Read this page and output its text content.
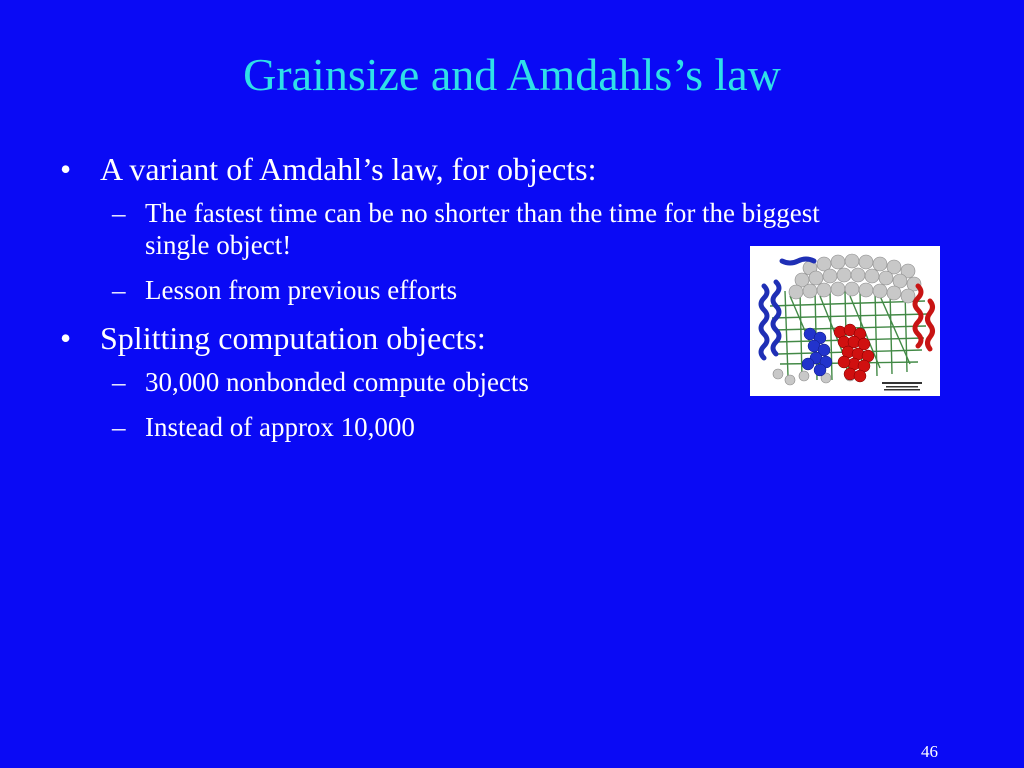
Grainsize and Amdahls’s law
• A variant of Amdahl’s law, for objects:
– The fastest time can be no shorter than the time for the biggest single object!
– Lesson from previous efforts
• Splitting computation objects:
– 30,000 nonbonded compute objects
– Instead of approx 10,000
46
